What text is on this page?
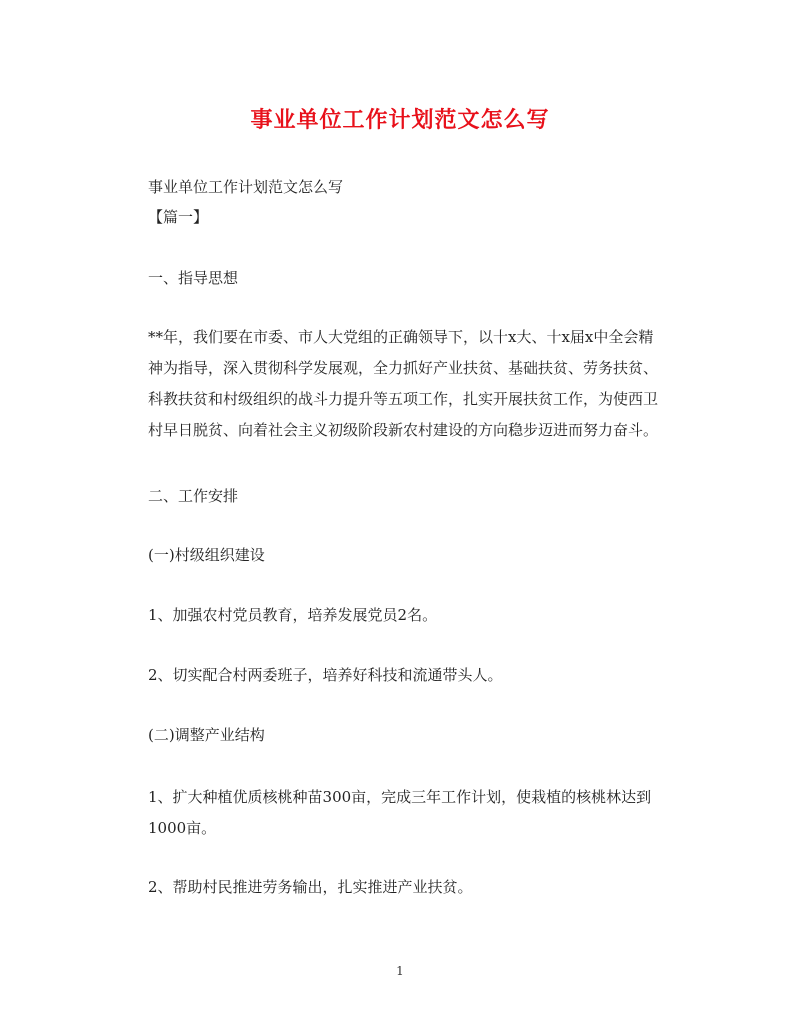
事业单位工作计划范文怎么写

事业单位工作计划范文怎么写

【篇一】

一、指导思想

**年，我们要在市委、市人大党组的正确领导下，以十x大、十x届x中全会精神为指导，深入贯彻科学发展观，全力抓好产业扶贫、基础扶贫、劳务扶贫、科教扶贫和村级组织的战斗力提升等五项工作，扎实开展扶贫工作，为使西卫村早日脱贫、向着社会主义初级阶段新农村建设的方向稳步迈进而努力奋斗。

二、工作安排

(一)村级组织建设

1、加强农村党员教育，培养发展党员2名。

2、切实配合村两委班子，培养好科技和流通带头人。

(二)调整产业结构

1、扩大种植优质核桃种苗300亩，完成三年工作计划，使栽植的核桃林达到1000亩。

2、帮助村民推进劳务输出，扎实推进产业扶贫。

1
